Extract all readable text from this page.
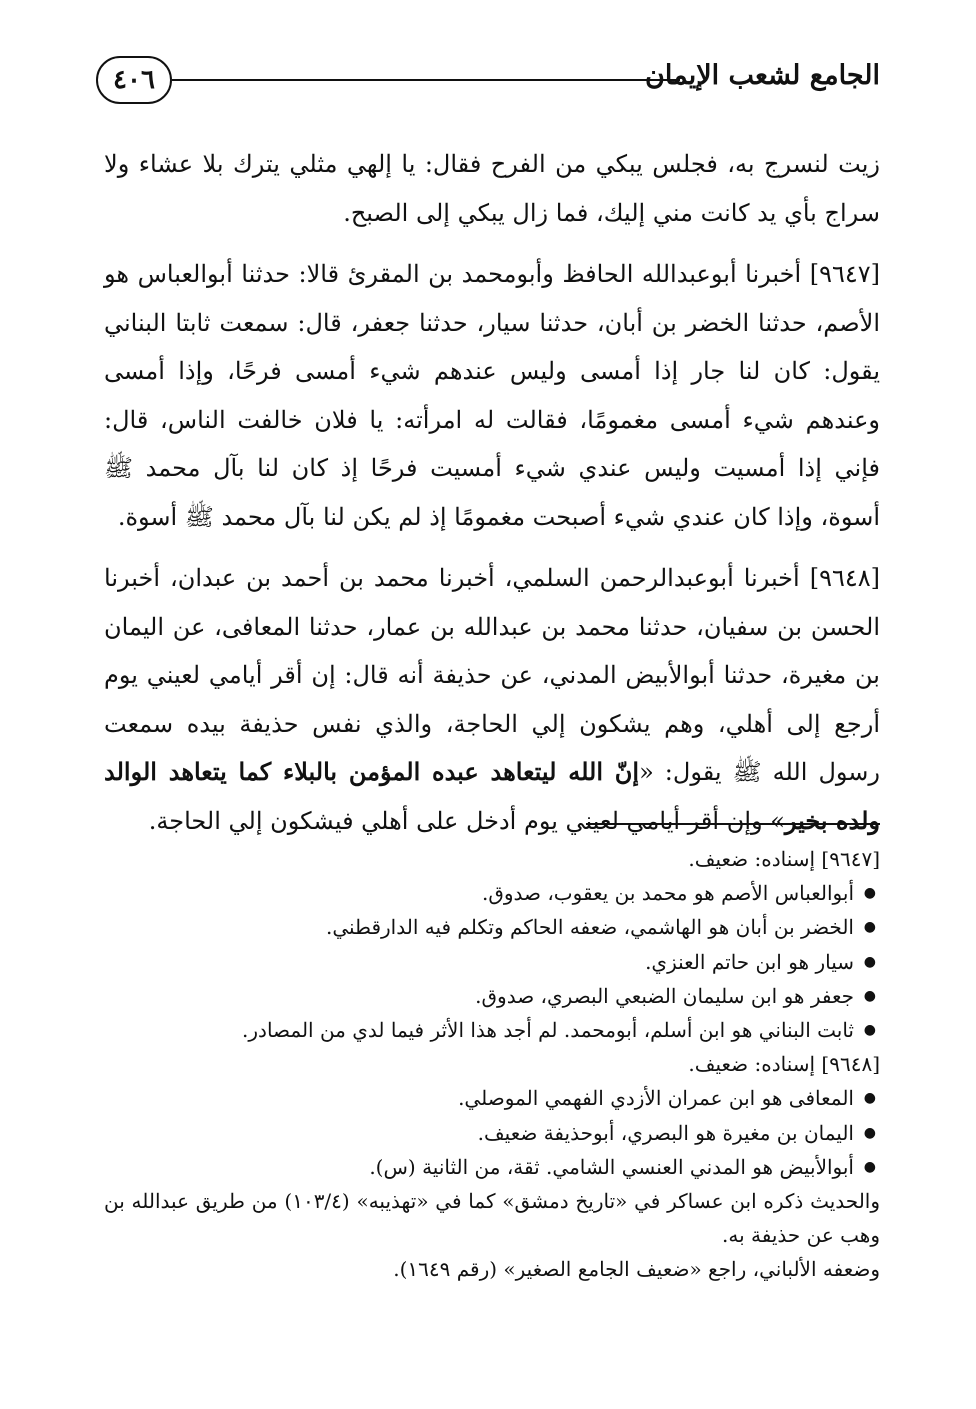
٤٠٦	الجامع لشعب الإيمان

زيت لنسرج به، فجلس يبكي من الفرح فقال: يا إلهي مثلي يترك بلا عشاء ولا سراج بأي يد كانت مني إليك، فما زال يبكي إلى الصبح.

[٩٦٤٧] أخبرنا أبوعبدالله الحافظ وأبومحمد بن المقرئ قالا: حدثنا أبوالعباس هو الأصم، حدثنا الخضر بن أبان، حدثنا سيار، حدثنا جعفر، قال: سمعت ثابتا البناني يقول: كان لنا جار إذا أمسى وليس عندهم شيء أمسى فرحًا، وإذا أمسى وعندهم شيء أمسى مغمومًا، فقالت له امرأته: يا فلان خالفت الناس، قال: فإني إذا أمسيت وليس عندي شيء أمسيت فرحًا إذ كان لنا بآل محمد ﷺ أسوة، وإذا كان عندي شيء أصبحت مغمومًا إذ لم يكن لنا بآل محمد ﷺ أسوة.

[٩٦٤٨] أخبرنا أبوعبدالرحمن السلمي، أخبرنا محمد بن أحمد بن عبدان، أخبرنا الحسن بن سفيان، حدثنا محمد بن عبدالله بن عمار، حدثنا المعافى، عن اليمان بن مغيرة، حدثنا أبوالأبيض المدني، عن حذيفة أنه قال: إن أقر أيامي لعيني يوم أرجع إلى أهلي، وهم يشكون إلي الحاجة، والذي نفس حذيفة بيده سمعت رسول الله ﷺ يقول: «إنّ الله ليتعاهد عبده المؤمن بالبلاء كما يتعاهد الوالد ولده بخير» وإن أقر أيامي لعيني يوم أدخل على أهلي فيشكون إلي الحاجة.

[٩٦٤٧] إسناده: ضعيف.

● أبوالعباس الأصم هو محمد بن يعقوب، صدوق.
● الخضر بن أبان هو الهاشمي، ضعفه الحاكم وتكلم فيه الدارقطني.
● سيار هو ابن حاتم العنزي.
● جعفر هو ابن سليمان الضبعي البصري، صدوق.
● ثابت البناني هو ابن أسلم، أبومحمد. لم أجد هذا الأثر فيما لدي من المصادر.

[٩٦٤٨] إسناده: ضعيف.

● المعافى هو ابن عمران الأزدي الفهمي الموصلي.
● اليمان بن مغيرة هو البصري، أبوحذيفة ضعيف.
● أبوالأبيض هو المدني العنسي الشامي. ثقة، من الثانية (س).

والحديث ذكره ابن عساكر في «تاريخ دمشق» كما في «تهذيبه» (١٠٣/٤) من طريق عبدالله بن وهب عن حذيفة به.

وضعفه الألباني، راجع «ضعيف الجامع الصغير» (رقم ١٦٤٩).
